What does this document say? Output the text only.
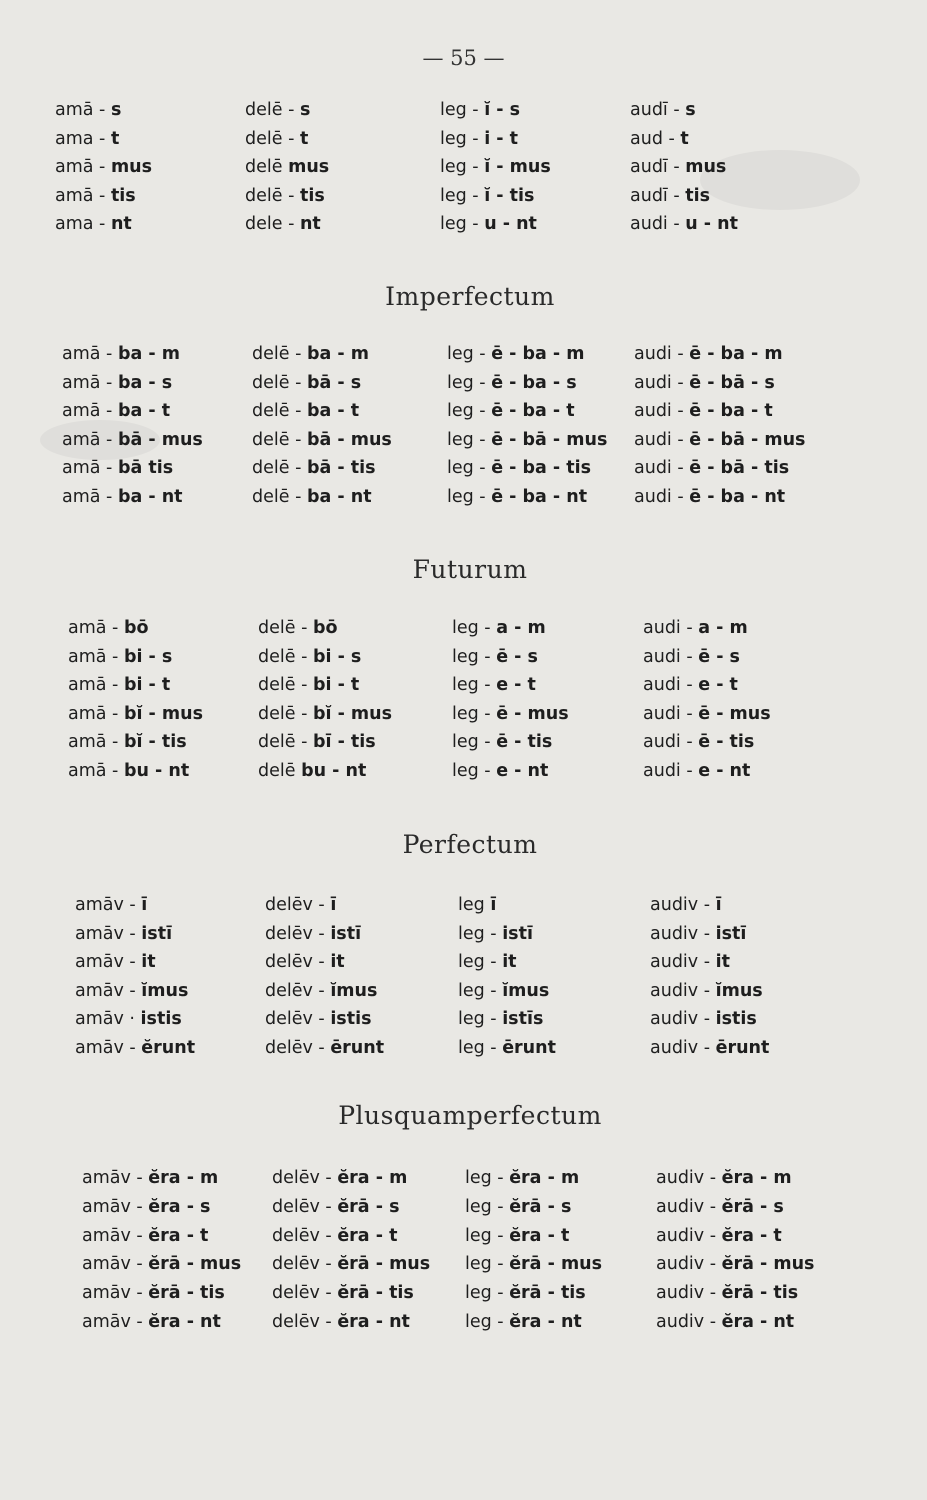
— 55 —
amā - s
ama - t
amā - mus
amā - tis
ama - nt
delē - s
delē - t
delē mus
delē - tis
dele - nt
leg - ĭ - s
leg - i - t
leg - ĭ - mus
leg - ĭ - tis
leg - u - nt
audī - s
aud - t
audī - mus
audī - tis
audi - u - nt
Imperfectum
amā - ba - m
amā - ba - s
amā - ba - t
amā - bā - mus
amā - bā tis
amā - ba - nt
delē - ba - m
delē - bā - s
delē - ba - t
delē - bā - mus
delē - bā - tis
delē - ba - nt
leg - ē - ba - m
leg - ē - ba - s
leg - ē - ba - t
leg - ē - bā - mus
leg - ē - ba - tis
leg - ē - ba - nt
audi - ē - ba - m
audi - ē - bā - s
audi - ē - ba - t
audi - ē - bā - mus
audi - ē - bā - tis
audi - ē - ba - nt
Futurum
amā - bō
amā - bi - s
amā - bi - t
amā - bĭ - mus
amā - bĭ - tis
amā - bu - nt
delē - bō
delē - bi - s
delē - bi - t
delē - bĭ - mus
delē - bī - tis
delē bu - nt
leg - a - m
leg - ē - s
leg - e - t
leg - ē - mus
leg - ē - tis
leg - e - nt
audi - a - m
audi - ē - s
audi - e - t
audi - ē - mus
audi - ē - tis
audi - e - nt
Perfectum
amāv - ī
amāv - istī
amāv - it
amāv - ĭmus
amāv · istis
amāv - ĕrunt
delēv - ī
delēv - istī
delēv - it
delēv - ĭmus
delēv - istis
delēv - ērunt
leg ī
leg - istī
leg - it
leg - ĭmus
leg - istīs
leg - ērunt
audiv - ī
audiv - istī
audiv - it
audiv - ĭmus
audiv - istis
audiv - ērunt
Plusquamperfectum
amāv - ĕra - m
amāv - ĕra - s
amāv - ĕra - t
amāv - ĕrā - mus
amāv - ĕrā - tis
amāv - ĕra - nt
delēv - ĕra - m
delēv - ĕrā - s
delēv - ĕra - t
delēv - ĕrā - mus
delēv - ĕrā - tis
delēv - ĕra - nt
leg - ĕra - m
leg - ĕrā - s
leg - ĕra - t
leg - ĕrā - mus
leg - ĕrā - tis
leg - ĕra - nt
audiv - ĕra - m
audiv - ĕrā - s
audiv - ĕra - t
audiv - ĕrā - mus
audiv - ĕrā - tis
audiv - ĕra - nt
